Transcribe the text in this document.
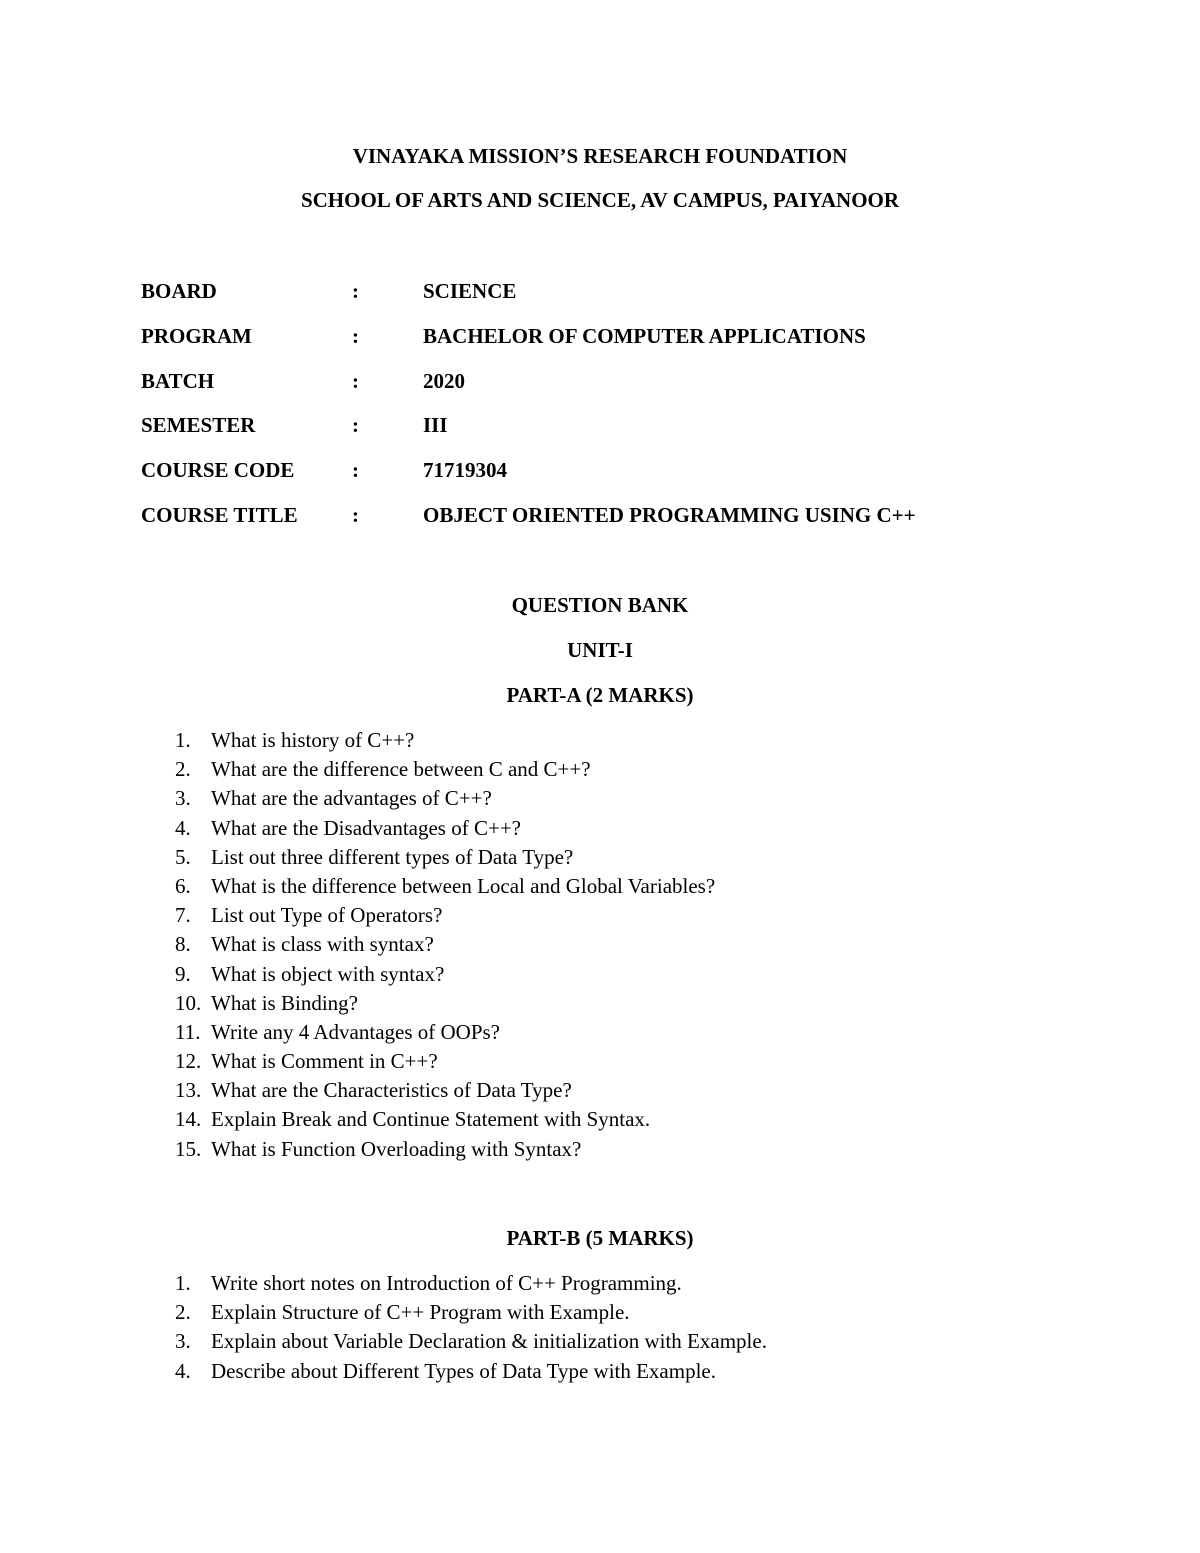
VINAYAKA MISSION’S RESEARCH FOUNDATION
SCHOOL OF ARTS AND SCIENCE, AV CAMPUS, PAIYANOOR
BOARD	:	SCIENCE
PROGRAM	:	BACHELOR OF COMPUTER APPLICATIONS
BATCH	:	2020
SEMESTER	:	III
COURSE CODE	:	71719304
COURSE TITLE	:	OBJECT ORIENTED PROGRAMMING USING C++
QUESTION BANK
UNIT-I
PART-A (2 MARKS)
1. What is history of C++?
2. What are the difference between C and C++?
3. What are the advantages of C++?
4. What are the Disadvantages of C++?
5. List out three different types of Data Type?
6. What is the difference between Local and Global Variables?
7. List out Type of Operators?
8. What is class with syntax?
9. What is object with syntax?
10. What is Binding?
11. Write any 4 Advantages of OOPs?
12. What is Comment in C++?
13. What are the Characteristics of Data Type?
14. Explain Break and Continue Statement with Syntax.
15. What is Function Overloading with Syntax?
PART-B (5 MARKS)
1. Write short notes on Introduction of C++ Programming.
2. Explain Structure of C++ Program with Example.
3. Explain about Variable Declaration & initialization with Example.
4. Describe about Different Types of Data Type with Example.
